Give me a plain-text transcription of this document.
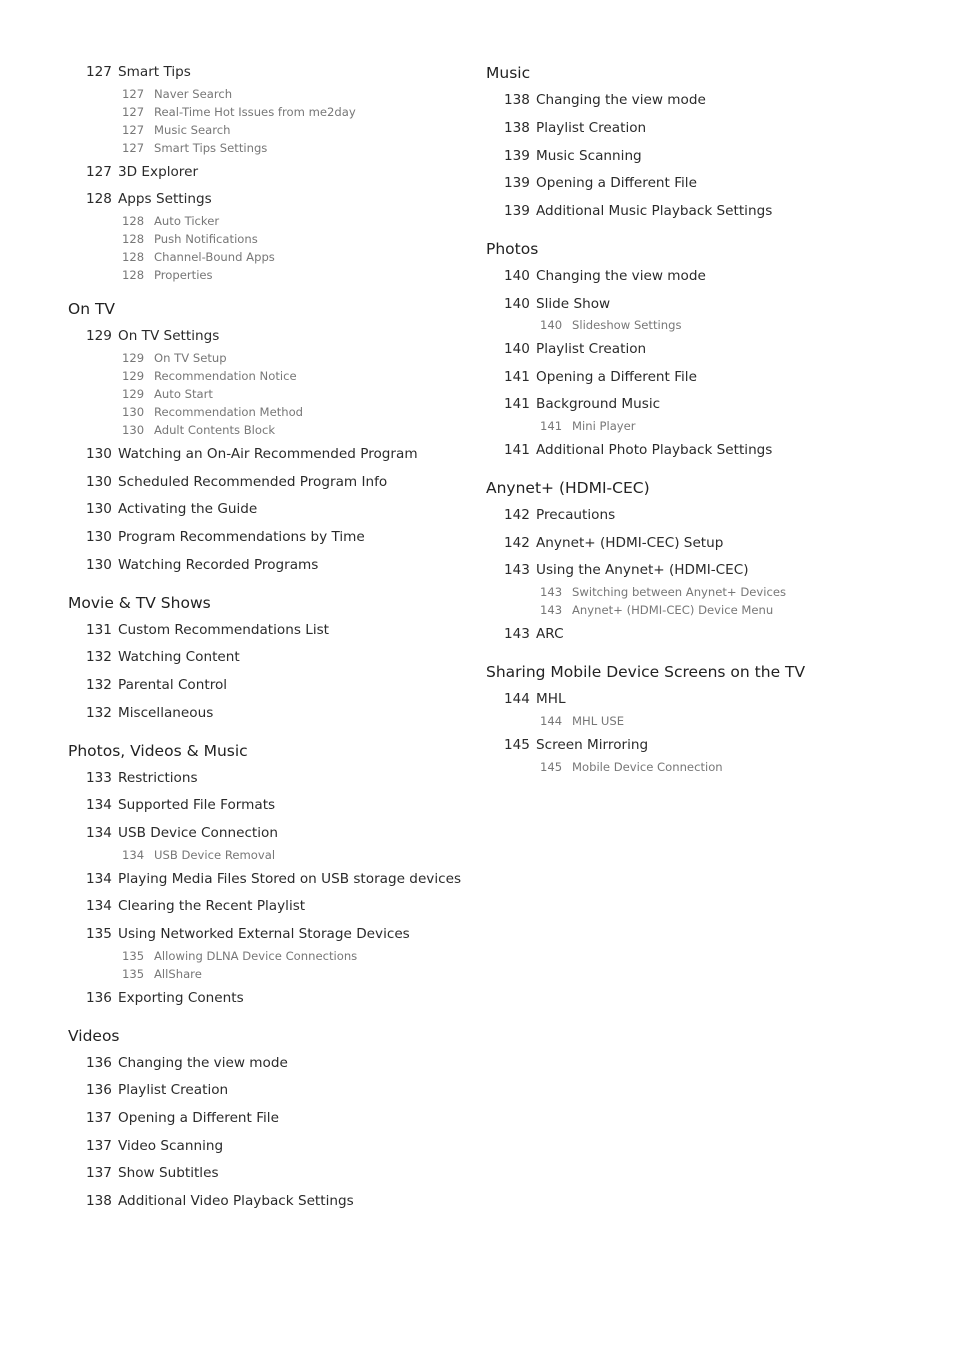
127 Smart Tips
127 Naver Search
127 Real-Time Hot Issues from me2day
127 Music Search
127 Smart Tips Settings
127 3D Explorer
128 Apps Settings
128 Auto Ticker
128 Push Notifications
128 Channel-Bound Apps
128 Properties
On TV
129 On TV Settings
129 On TV Setup
129 Recommendation Notice
129 Auto Start
130 Recommendation Method
130 Adult Contents Block
130 Watching an On-Air Recommended Program
130 Scheduled Recommended Program Info
130 Activating the Guide
130 Program Recommendations by Time
130 Watching Recorded Programs
Movie & TV Shows
131 Custom Recommendations List
132 Watching Content
132 Parental Control
132 Miscellaneous
Photos, Videos & Music
133 Restrictions
134 Supported File Formats
134 USB Device Connection
134 USB Device Removal
134 Playing Media Files Stored on USB storage devices
134 Clearing the Recent Playlist
135 Using Networked External Storage Devices
135 Allowing DLNA Device Connections
135 AllShare
136 Exporting Conents
Videos
136 Changing the view mode
136 Playlist Creation
137 Opening a Different File
137 Video Scanning
137 Show Subtitles
138 Additional Video Playback Settings
Music
138 Changing the view mode
138 Playlist Creation
139 Music Scanning
139 Opening a Different File
139 Additional Music Playback Settings
Photos
140 Changing the view mode
140 Slide Show
140 Slideshow Settings
140 Playlist Creation
141 Opening a Different File
141 Background Music
141 Mini Player
141 Additional Photo Playback Settings
Anynet+ (HDMI-CEC)
142 Precautions
142 Anynet+ (HDMI-CEC) Setup
143 Using the Anynet+ (HDMI-CEC)
143 Switching between Anynet+ Devices
143 Anynet+ (HDMI-CEC) Device Menu
143 ARC
Sharing Mobile Device Screens on the TV
144 MHL
144 MHL USE
145 Screen Mirroring
145 Mobile Device Connection
